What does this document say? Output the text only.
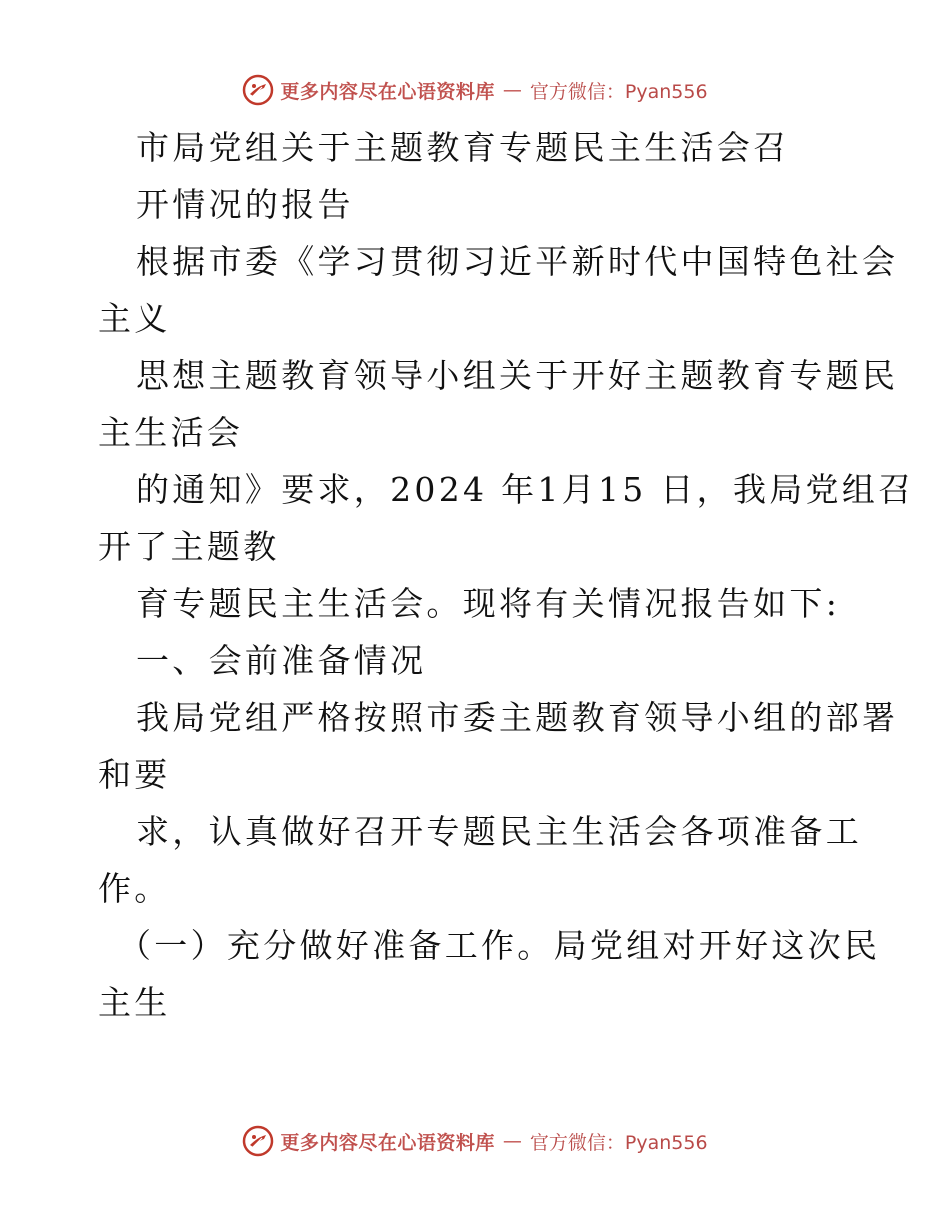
更多内容尽在心语资料库 — 官方微信：Pyan556
市局党组关于主题教育专题民主生活会召
开情况的报告
根据市委《学习贯彻习近平新时代中国特色社会
主义
思想主题教育领导小组关于开好主题教育专题民
主生活会
的通知》要求，2024 年1月15 日，我局党组召
开了主题教
育专题民主生活会。现将有关情况报告如下:
一、会前准备情况
我局党组严格按照市委主题教育领导小组的部署
和要
求，认真做好召开专题民主生活会各项准备工
作。
（一）充分做好准备工作。局党组对开好这次民
主生
更多内容尽在心语资料库 — 官方微信：Pyan556
